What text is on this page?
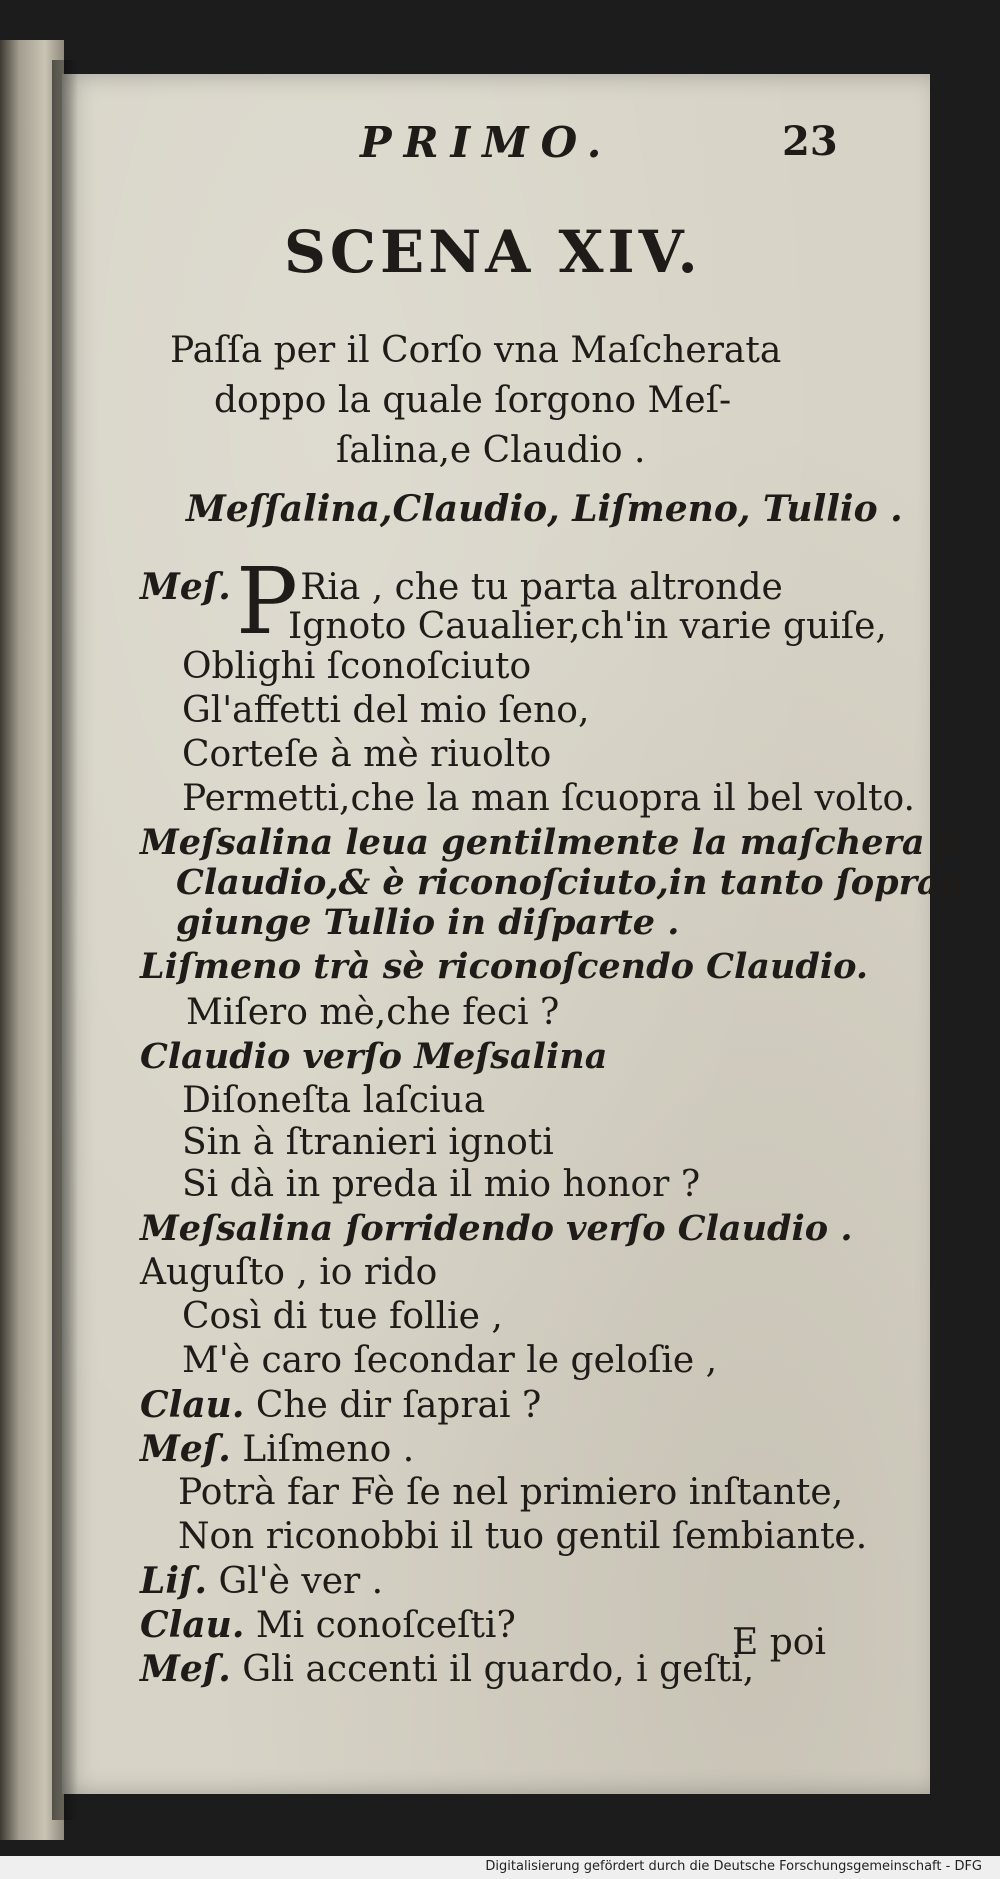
PRIMO.	23
SCENA XIV.
Paſſa per il Corſo vna Maſcherata
doppo la quale ſorgono Meſ-
ſalina,e Claudio .
Meſſalina,Claudio, Liſmeno, Tullio .
P
Meſ. Ria , che tu parta altronde
Ignoto Caualier,ch'in varie guiſe,
Oblighi ſconoſciuto
Gl'affetti del mio ſeno,
Corteſe à mè riuolto
Permetti,che la man ſcuopra il bel volto.
Meſsalina leua gentilmente la maſchera à
Claudio,& è riconoſciuto,in tanto ſoprag
giunge Tullio in diſparte .
Liſmeno trà sè riconoſcendo Claudio.
Miſero mè,che feci ?
Claudio verſo Meſsalina
Diſoneſta laſciua
Sin à ſtranieri ignoti
Si dà in preda il mio honor ?
Meſsalina ſorridendo verſo Claudio .
Auguſto , io rido
Così di tue follie ,
M'è caro ſecondar le geloſie ,
Clau. Che dir ſaprai ?
Meſ. Liſmeno .
Potrà far Fè ſe nel primiero inſtante,
Non riconobbi il tuo gentil ſembiante.
Liſ. Gl'è ver .
Clau. Mi conoſceſti?
Meſ. Gli accenti il guardo, i geſti,
E poi
Digitalisierung gefördert durch die Deutsche Forschungsgemeinschaft - DFG
